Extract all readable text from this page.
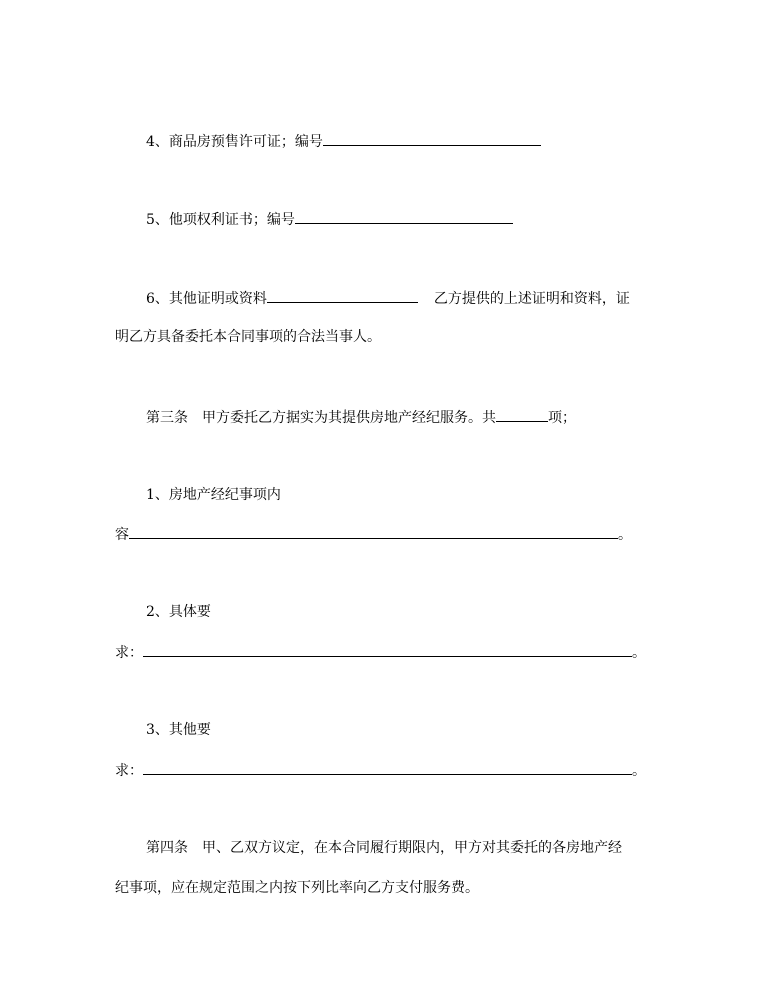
4、商品房预售许可证；编号
5、他项权利证书；编号
6、其他证明或资料	乙方提供的上述证明和资料，证
明乙方具备委托本合同事项的合法当事人。
第三条　甲方委托乙方据实为其提供房地产经纪服务。共	项；
1、房地产经纪事项内
容	。
2、具体要
求：	。
3、其他要
求：	。
第四条　甲、乙双方议定，在本合同履行期限内，甲方对其委托的各房地产经
纪事项，应在规定范围之内按下列比率向乙方支付服务费。
